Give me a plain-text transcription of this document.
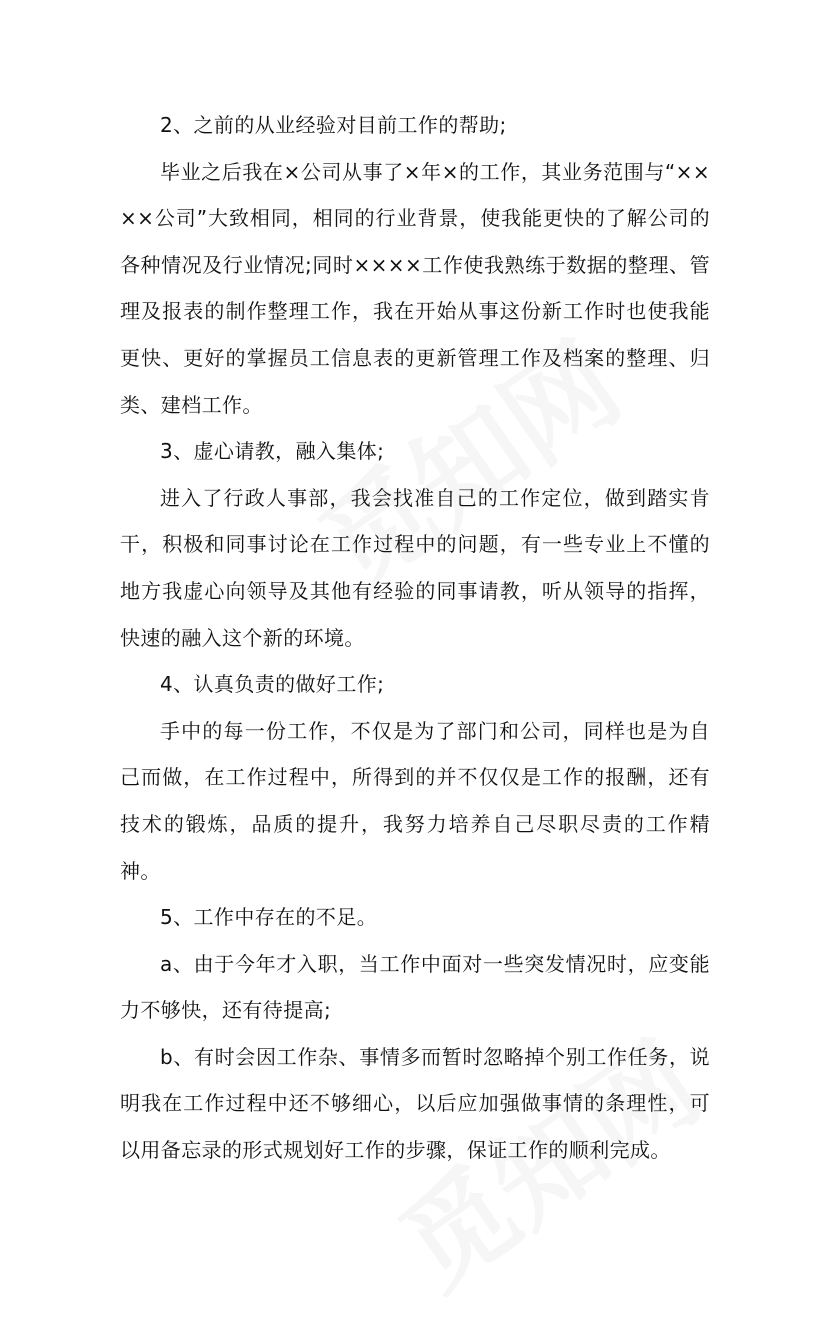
2、之前的从业经验对目前工作的帮助;

毕业之后我在×公司从事了×年×的工作，其业务范围与“××××公司”大致相同，相同的行业背景，使我能更快的了解公司的各种情况及行业情况;同时××××工作使我熟练于数据的整理、管理及报表的制作整理工作，我在开始从事这份新工作时也使我能更快、更好的掌握员工信息表的更新管理工作及档案的整理、归类、建档工作。

3、虚心请教，融入集体;

进入了行政人事部，我会找准自己的工作定位，做到踏实肯干，积极和同事讨论在工作过程中的问题，有一些专业上不懂的地方我虚心向领导及其他有经验的同事请教，听从领导的指挥，快速的融入这个新的环境。

4、认真负责的做好工作;

手中的每一份工作，不仅是为了部门和公司，同样也是为自己而做，在工作过程中，所得到的并不仅仅是工作的报酬，还有技术的锻炼，品质的提升，我努力培养自己尽职尽责的工作精神。

5、工作中存在的不足。

a、由于今年才入职，当工作中面对一些突发情况时，应变能力不够快，还有待提高;

b、有时会因工作杂、事情多而暂时忽略掉个别工作任务，说明我在工作过程中还不够细心，以后应加强做事情的条理性，可以用备忘录的形式规划好工作的步骤，保证工作的顺利完成。
